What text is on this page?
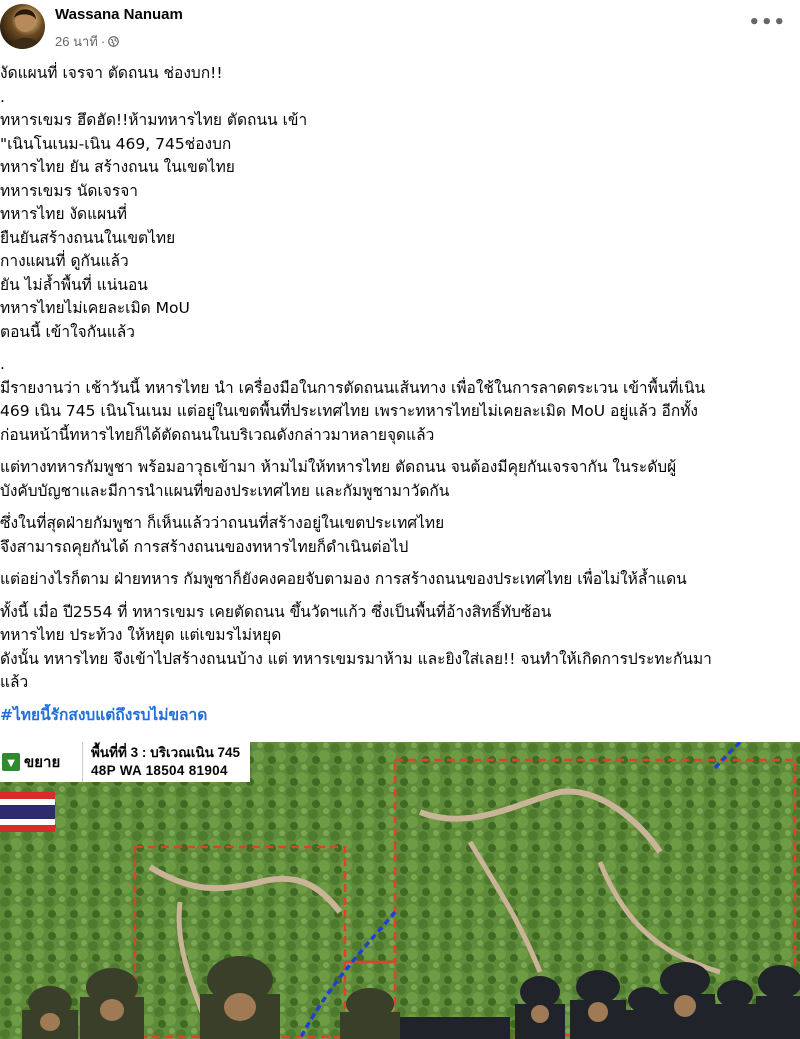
Wassana Nanuam
26 นาที ·
•••
งัดแผนที่ เจรจา ตัดถนน ช่องบก!!
.
ทหารเขมร ฮึดฮัด!!ห้ามทหารไทย ตัดถนน เข้า
"เนินโนเนม-เนิน 469, 745ช่องบก
ทหารไทย ยัน สร้างถนน ในเขตไทย
ทหารเขมร นัดเจรจา
ทหารไทย งัดแผนที่
ยืนยันสร้างถนนในเขตไทย
กางแผนที่ ดูกันแล้ว
ยัน ไม่ล้ำพื้นที่ แน่นอน
ทหารไทยไม่เคยละเมิด MoU
ตอนนี้ เข้าใจกันแล้ว
.
มีรายงานว่า เช้าวันนี้ ทหารไทย นำ เครื่องมือในการตัดถนนเส้นทาง เพื่อใช้ในการลาดตระเวน เข้าพื้นที่เนิน
469 เนิน 745 เนินโนเนม แต่อยู่ในเขตพื้นที่ประเทศไทย เพราะทหารไทยไม่เคยละเมิด MoU อยู่แล้ว อีกทั้ง
ก่อนหน้านี้ทหารไทยก็ได้ตัดถนนในบริเวณดังกล่าวมาหลายจุดแล้ว
แต่ทางทหารกัมพูชา พร้อมอาวุธเข้ามา ห้ามไม่ให้ทหารไทย ตัดถนน จนต้องมีคุยกันเจรจากัน ในระดับผู้
บังคับบัญชาและมีการนำแผนที่ของประเทศไทย และกัมพูชามาวัดกัน
ซึ่งในที่สุดฝ่ายกัมพูชา ก็เห็นแล้วว่าถนนที่สร้างอยู่ในเขตประเทศไทย
จึงสามารถคุยกันได้ การสร้างถนนของทหารไทยก็ดำเนินต่อไป
แต่อย่างไรก็ตาม ฝ่ายทหาร กัมพูชาก็ยังคงคอยจับตามอง การสร้างถนนของประเทศไทย เพื่อไม่ให้ล้ำแดน
ทั้งนี้ เมื่อ ปี2554 ที่ ทหารเขมร เคยตัดถนน ขึ้นวัดฯแก้ว ซึ่งเป็นพื้นที่อ้างสิทธิ์ทับซ้อน
ทหารไทย ประท้วง ให้หยุด แต่เขมรไม่หยุด
ดังนั้น ทหารไทย จึงเข้าไปสร้างถนนบ้าง แต่ ทหารเขมรมาห้าม และยิงใส่เลย!! จนทำให้เกิดการประทะกันมา
แล้ว
#ไทยนี้รักสงบแต่ถึงรบไม่ขลาด
▼ ขยาย
พื้นที่ที่ 3 : บริเวณเนิน 745
48P WA 18504 81904
